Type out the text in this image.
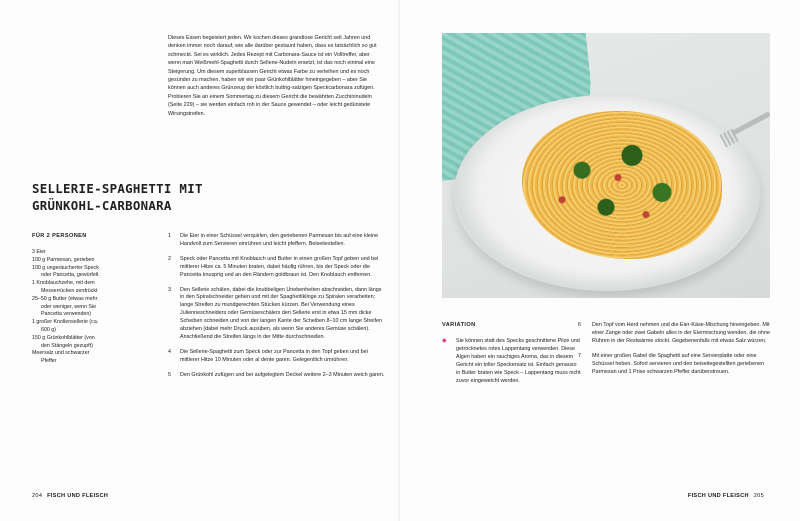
Dieses Essen begeistert jeden. Wir kochen dieses grandiose Gericht seit Jahren und denken immer noch darauf, wie alle darüber gestaunt haben, dass es tatsächlich so gut schmeckt. Sei es wirklich. Jedes Rezept mit Carbonara-Sauce ist ein Volltreffer, aber wenn man Weißmehl-Spaghetti durch Sellerie-Nudeln ersetzt, ist das noch einmal eine Steigerung. Um diesem superblassen Gericht etwas Farbe zu verleihen und es noch gesünder zu machen, haben wir ein paar Grünkohlblätter hineingegeben – aber Sie können auch anderes Grünzeug der köstlich buttrig-salzigen Speckcarbonara zufügen. Probieren Sie an einem Sommertag zu diesem Gericht die bewährten Zucchininudeln (Seite 229) – sie werden einfach roh in der Sauce gewendet – oder leicht gedünstete Wirsingstreifen.

SELLERIE-SPAGHETTI MIT
GRÜNKOHL-CARBONARA

FÜR 2 PERSONEN

3 Eier
100 g Parmesan, gerieben
100 g ungeräucherter Speck oder Pancetta, gewürfelt
1 Knoblauchzehe, mit dem Messerrücken zerdrückt
25–50 g Butter (etwas mehr oder weniger, wenn Sie Pancetta verwenden)
1 großer Knollensellerie (ca. 600 g)
150 g Grünkohlblätter (von den Stängeln gezupft)
Meersalz und schwarzer Pfeffer
1 Die Eier in einer Schüssel verquirlen, den geriebenen Parmesan bis auf eine kleine Handvoll zum Servieren einrühren und leicht pfeffern. Beiseitestellen.
2 Speck oder Pancetta mit Knoblauch und Butter in einen großen Topf geben und bei mittlerer Hitze ca. 5 Minuten braten, dabei häufig rühren, bis der Speck oder die Pancetta knusprig und an den Rändern goldbraun ist. Den Knoblauch entfernen.
3 Den Sellerie schälen, dabei die knubbeligen Unebenheiten abschneiden, dann längs in den Spiralschneider geben und mit der Spaghettiklinge zu Spiralen verarbeiten; lange Streifen zu mundgerechten Stücken kürzen. Bei Verwendung eines Julienneschneiders oder Gemüseschälers den Sellerie erst in etwa 15 mm dicke Scheiben schneiden und von der langen Kante der Scheiben 8–10 cm lange Streifen abziehen (dabei mehr Druck ausüben, als wenn Sie anderes Gemüse schälen). Anschließend die Streifen längs in der Mitte durchschneiden.
4 Die Sellerie-Spaghetti zum Speck oder zur Pancetta in den Topf geben und bei mittlerer Hitze 10 Minuten oder al dente garen. Gelegentlich umrühren.
5 Den Grünkohl zufügen und bei aufgelegtem Deckel weitere 2–3 Minuten weich garen.
204 FISCH UND FLEISCH
VARIATION
◆ Sie können statt des Specks geschnittene Pilze und getrocknetes rotes Lappentang verwenden. Diese Algen haben ein rauchiges Aroma, das in diesem Gericht ein toller Speckersatz ist. Einfach genauso in Butter braten wie Speck – Lappentang muss nicht zuvor eingeweicht werden.
6 Den Topf vom Herd nehmen und die Eier-Käse-Mischung hineingeben. Mit einer Zange oder zwei Gabeln alles in der Eiermischung wenden, die ohne Rühren in der Restwärme stockt. Gegebenenfalls mit etwas Salz würzen.
7 Mit einer großen Gabel die Spaghetti auf eine Servierplatte oder eine Schüssel heben. Sofort servieren und den beiseitegestellten geriebenen Parmesan und 1 Prise schwarzen Pfeffer darüberstreuen.
FISCH UND FLEISCH 205
